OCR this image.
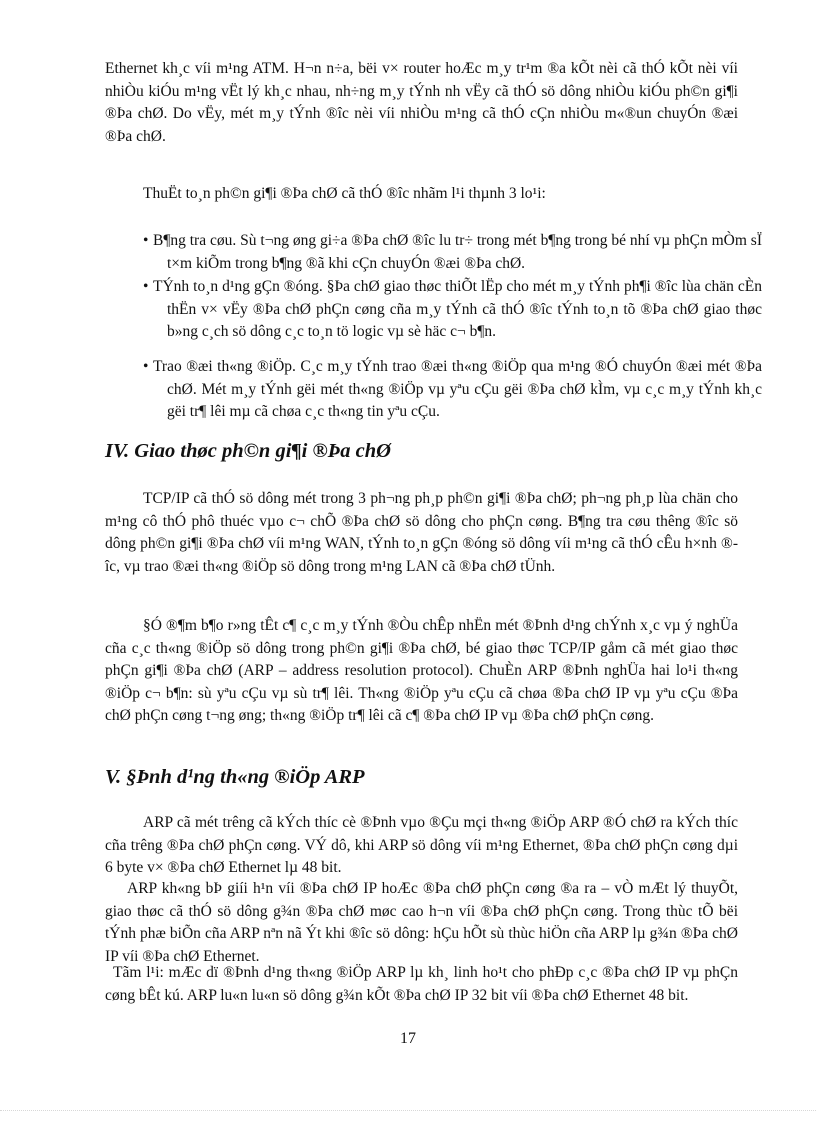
Ethernet kh¸c víi m¹ng ATM. H¬n n÷a, bëi v× router hoÆc m¸y tr¹m ®a kÕt nèi cã thÓ kÕt nèi víi nhiÒu kiÓu m¹ng vËt lý kh¸c nhau, nh÷ng m¸y tÝnh nh vËy cã thÓ sö dông nhiÒu kiÓu ph©n gi¶i ®Þa chØ. Do vËy, mét m¸y tÝnh ®îc nèi víi nhiÒu m¹ng cã thÓ cÇn nhiÒu m«®un chuyÓn ®æi ®Þa chØ.

ThuËt to¸n ph©n gi¶i ®Þa chØ cã thÓ ®îc nhãm l¹i thµnh 3 lo¹i:

• B¶ng tra cøu. Sù t¬ng øng gi÷a ®Þa chØ ®îc lu tr÷ trong mét b¶ng trong bé nhí vµ phÇn mÒm sÏ t×m kiÕm trong b¶ng ®ã khi cÇn chuyÓn ®æi ®Þa chØ.

• TÝnh to¸n d¹ng gÇn ®óng. §Þa chØ giao thøc thiÕt lËp cho mét m¸y tÝnh ph¶i ®îc lùa chän cÈn thËn v× vËy ®Þa chØ phÇn cøng cña m¸y tÝnh cã thÓ ®îc tÝnh to¸n tõ ®Þa chØ giao thøc b»ng c¸ch sö dông c¸c to¸n tö logic vµ sè häc c¬ b¶n.

• Trao ®æi th«ng ®iÖp. C¸c m¸y tÝnh trao ®æi th«ng ®iÖp qua m¹ng ®Ó chuyÓn ®æi mét ®Þa chØ. Mét m¸y tÝnh gëi mét th«ng ®iÖp vµ yªu cÇu gëi ®Þa chØ kÌm, vµ c¸c m¸y tÝnh kh¸c gëi tr¶ lêi mµ cã chøa c¸c th«ng tin yªu cÇu.

IV. Giao thøc ph©n gi¶i ®Þa chØ

TCP/IP cã thÓ sö dông mét trong 3 ph¬ng ph¸p ph©n gi¶i ®Þa chØ; ph¬ng ph¸p lùa chän cho m¹ng cô thÓ phô thuéc vµo c¬ chÕ ®Þa chØ sö dông cho phÇn cøng. B¶ng tra cøu thêng ®îc sö dông ph©n gi¶i ®Þa chØ víi m¹ng WAN, tÝnh to¸n gÇn ®óng sö dông víi m¹ng cã thÓ cÊu h×nh ®îc, vµ trao ®æi th«ng ®iÖp sö dông trong m¹ng LAN cã ®Þa chØ tÜnh.

§Ó ®¶m b¶o r»ng tÊt c¶ c¸c m¸y tÝnh ®Òu chÊp nhËn mét ®Þnh d¹ng chÝnh x¸c vµ ý nghÜa cña c¸c th«ng ®iÖp sö dông trong ph©n gi¶i ®Þa chØ, bé giao thøc TCP/IP gåm cã mét giao thøc phÇn gi¶i ®Þa chØ (ARP – address resolution protocol). ChuÈn ARP ®Þnh nghÜa hai lo¹i th«ng ®iÖp c¬ b¶n: sù yªu cÇu vµ sù tr¶ lêi. Th«ng ®iÖp yªu cÇu cã chøa ®Þa chØ IP vµ yªu cÇu ®Þa chØ phÇn cøng t¬ng øng; th«ng ®iÖp tr¶ lêi cã c¶ ®Þa chØ IP vµ ®Þa chØ phÇn cøng.

V. §Þnh d¹ng th«ng ®iÖp ARP

ARP cã mét trêng cã kÝch thíc cè ®Þnh vµo ®Çu mçi th«ng ®iÖp ARP ®Ó chØ ra kÝch thíc cña trêng ®Þa chØ phÇn cøng. VÝ dô, khi ARP sö dông víi m¹ng Ethernet, ®Þa chØ phÇn cøng dµi 6 byte v× ®Þa chØ Ethernet lµ 48 bit.

ARP kh«ng bÞ giíi h¹n víi ®Þa chØ IP hoÆc ®Þa chØ phÇn cøng ®a ra – vÒ mÆt lý thuyÕt, giao thøc cã thÓ sö dông g¾n ®Þa chØ møc cao h¬n víi ®Þa chØ phÇn cøng. Trong thùc tÕ bëi tÝnh phæ biÕn cña ARP nªn nã Ýt khi ®îc sö dông: hÇu hÕt sù thùc hiÖn cña ARP lµ g¾n ®Þa chØ IP víi ®Þa chØ Ethernet.

Tãm l¹i: mÆc dï ®Þnh d¹ng th«ng ®iÖp ARP lµ kh¸ linh ho¹t cho phÐp c¸c ®Þa chØ IP vµ phÇn cøng bÊt kú. ARP lu«n lu«n sö dông g¾n kÕt ®Þa chØ IP 32 bit víi ®Þa chØ Ethernet 48 bit.

17
